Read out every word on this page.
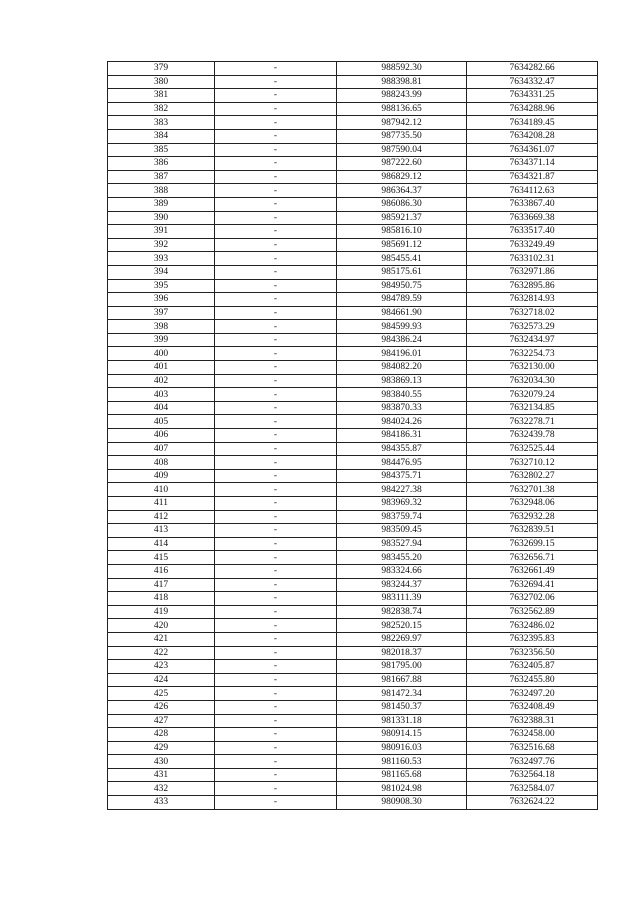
379	-	988592.30	7634282.66
380	-	988398.81	7634332.47
381	-	988243.99	7634331.25
382	-	988136.65	7634288.96
383	-	987942.12	7634189.45
384	-	987735.50	7634208.28
385	-	987590.04	7634361.07
386	-	987222.60	7634371.14
387	-	986829.12	7634321.87
388	-	986364.37	7634112.63
389	-	986086.30	7633867.40
390	-	985921.37	7633669.38
391	-	985816.10	7633517.40
392	-	985691.12	7633249.49
393	-	985455.41	7633102.31
394	-	985175.61	7632971.86
395	-	984950.75	7632895.86
396	-	984789.59	7632814.93
397	-	984661.90	7632718.02
398	-	984599.93	7632573.29
399	-	984386.24	7632434.97
400	-	984196.01	7632254.73
401	-	984082.20	7632130.00
402	-	983869.13	7632034.30
403	-	983840.55	7632079.24
404	-	983870.33	7632134.85
405	-	984024.26	7632278.71
406	-	984186.31	7632439.78
407	-	984355.87	7632525.44
408	-	984476.95	7632710.12
409	-	984375.71	7632802.27
410	-	984227.38	7632701.38
411	-	983969.32	7632948.06
412	-	983759.74	7632932.28
413	-	983509.45	7632839.51
414	-	983527.94	7632699.15
415	-	983455.20	7632656.71
416	-	983324.66	7632661.49
417	-	983244.37	7632694.41
418	-	983111.39	7632702.06
419	-	982838.74	7632562.89
420	-	982520.15	7632486.02
421	-	982269.97	7632395.83
422	-	982018.37	7632356.50
423	-	981795.00	7632405.87
424	-	981667.88	7632455.80
425	-	981472.34	7632497.20
426	-	981450.37	7632408.49
427	-	981331.18	7632388.31
428	-	980914.15	7632458.00
429	-	980916.03	7632516.68
430	-	981160.53	7632497.76
431	-	981165.68	7632564.18
432	-	981024.98	7632584.07
433	-	980908.30	7632624.22
